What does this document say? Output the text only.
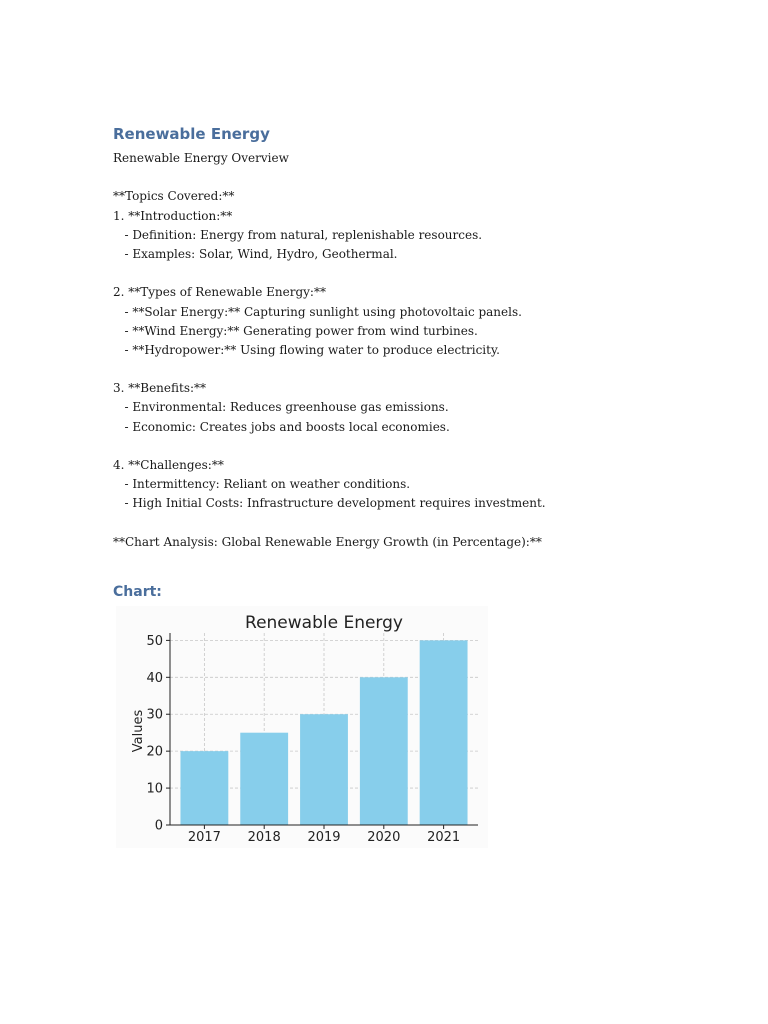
Renewable Energy
Renewable Energy Overview
**Topics Covered:**
1. **Introduction:**
- Definition: Energy from natural, replenishable resources.
- Examples: Solar, Wind, Hydro, Geothermal.
2. **Types of Renewable Energy:**
- **Solar Energy:** Capturing sunlight using photovoltaic panels.
- **Wind Energy:** Generating power from wind turbines.
- **Hydropower:** Using flowing water to produce electricity.
3. **Benefits:**
- Environmental: Reduces greenhouse gas emissions.
- Economic: Creates jobs and boosts local economies.
4. **Challenges:**
- Intermittency: Reliant on weather conditions.
- High Initial Costs: Infrastructure development requires investment.
**Chart Analysis: Global Renewable Energy Growth (in Percentage):**
Chart:
0
10
20
30
40
50
2017 2018 2019 2020 2021
Renewable Energy
Values
